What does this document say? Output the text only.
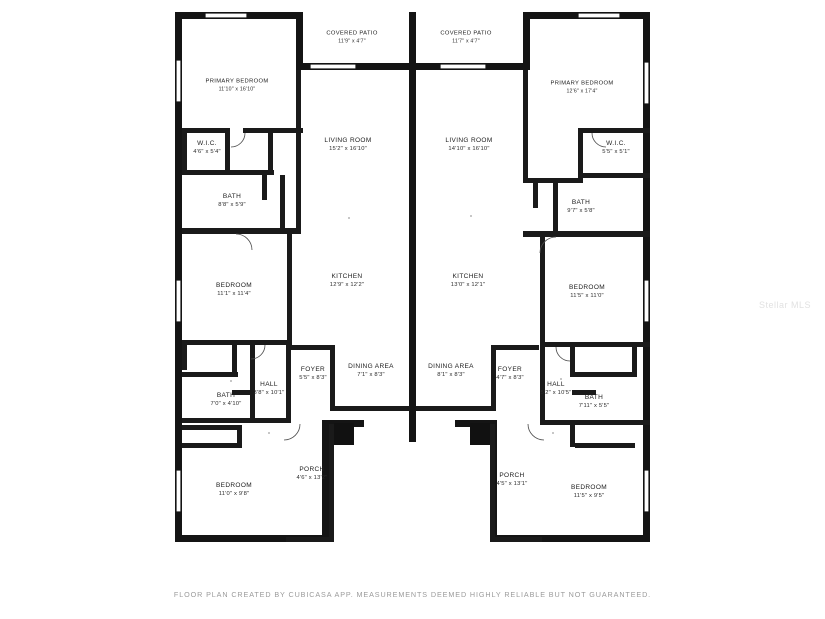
COVERED PATIO
11'9" x 4'7"
COVERED PATIO
11'7" x 4'7"
PRIMARY BEDROOM
11'10" x 16'10"
PRIMARY BEDROOM
12'6" x 17'4"
LIVING ROOM
15'2" x 16'10"
LIVING ROOM
14'10" x 16'10"
W.I.C.
4'6" x 5'4"
W.I.C.
5'5" x 5'1"
BATH
8'8" x 5'9"	BATH
9'7" x 5'8"
BEDROOM
11'1" x 11'4"
BEDROOM
11'5" x 11'0"
KITCHEN
12'9" x 12'2"
KITCHEN
13'0" x 12'1"
FOYER
5'5" x 8'3"
FOYER
4'7" x 8'3"
DINING AREA
7'1" x 8'3"
DINING AREA
8'1" x 8'3"
HALL
3'8" x 10'1"
HALL
5'2" x 10'5"
BATH
7'0" x 4'10"
BATH
7'11" x 5'5"
BEDROOM
11'0" x 9'8"
BEDROOM
11'5" x 9'5"
PORCH
4'6" x 13'2"	PORCH
4'5" x 13'1"
FLOOR PLAN CREATED BY CUBICASA APP. MEASUREMENTS DEEMED HIGHLY RELIABLE BUT NOT GUARANTEED.
Stellar MLS
